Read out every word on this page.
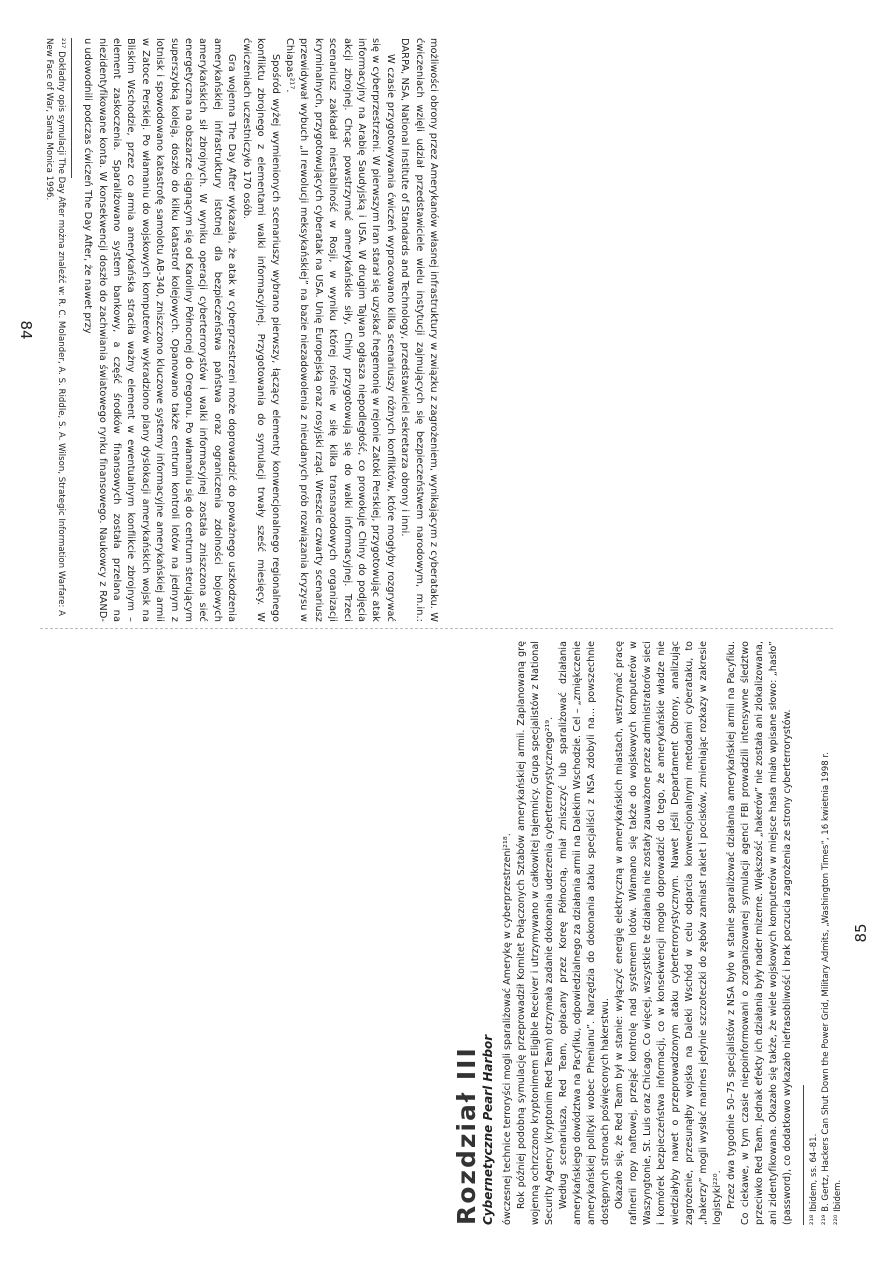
możliwości obrony przez Amerykanów własnej infrastruktury w związku z zagrożeniem, wynikającym z cyberataku. W ćwiczeniach wzięli udział przedstawiciele wielu instytucji zajmujących się bezpieczeństwem narodowym, m.in.: DARPA, NSA, National Institute of Standards and Technology, przedstawiciel sekretarza obrony i inni.

W czasie przygotowywania ćwiczeń wypracowano kilka scenariuszy różnych konfliktów, które mogłyby rozgrywać się w cyberprzestrzeni. W pierwszym Iran starał się uzyskać hegemonię w rejonie Zatoki Perskiej, przygotowując atak informacyjny na Arabię Saudyjską i USA. W drugim Tajwan ogłasza niepodległość, co prowokuje Chiny do podjęcia akcji zbrojnej. Chcąc powstrzymać amerykańskie siły, Chiny przygotowują się do walki informacyjnej. Trzeci scenariusz zakładał niestabilność w Rosji, w wyniku której rośnie w siłę kilka transnarodowych organizacji kryminalnych, przygotowujących cyberatak na USA. Unię Europejską oraz rosyjski rząd. Wreszcie czwarty scenariusz przewidywał wybuch „II rewolucji meksykańskiej” na bazie niezadowolenia z nieudanych prób rozwiązania kryzysu w Chiapas²¹⁷.

Spośród wyżej wymienionych scenariuszy wybrano pierwszy, łączący elementy konwencjonalnego regionalnego konfliktu zbrojnego z elementami walki informacyjnej. Przygotowania do symulacji trwały sześć miesięcy. W ćwiczeniach uczestniczyło 170 osób.

Gra wojenna The Day After wykazała, że atak w cyberprzestrzeni może doprowadzić do poważnego uszkodzenia amerykańskiej infrastruktury istotnej dla bezpieczeństwa państwa oraz ograniczenia zdolności bojowych amerykańskich sił zbrojnych. W wyniku operacji cyberterrorystów i walki informacyjnej została zniszczona sieć energetyczna na obszarze ciągnącym się od Karoliny Północnej do Oregonu. Po włamaniu się do centrum sterującym superszybką koleją, doszło do kilku katastrof kolejowych. Opanowano także centrum kontroli lotów na jednym z lotnisk i spowodowano katastrofę samolotu AB-340, zniszczono kluczowe systemy informacyjne amerykańskiej armii w Zatoce Perskiej. Po włamaniu do wojskowych komputerów wykradziono plany dyslokacji amerykańskich wojsk na Bliskim Wschodzie, przez co armia amerykańska straciła ważny element w ewentualnym konflikcie zbrojnym – element zaskoczenia. Sparaliżowano system bankowy, a część środków finansowych została przelana na niezidentyfikowane konta. W konsekwencji doszło do zachwiania światowego rynku finansowego. Naukowcy z RAND-u udowodnili podczas ćwiczeń The Day After, że nawet przy

²¹⁷ Dokładny opis symulacji The Day After można znaleźć w: R. C. Molander, A. S. Riddle, S. A. Wilson, Strategic Information Warfare: A New Face of War, Santa Monica 1996.

84
Rozdział III Cybernetyczne Pearl Harbor ówczesnej technice terroryści mogli sparaliżować Amerykę w cyberprzestrzeni²¹⁸. Rok później podobną symulację przeprowadził Komitet Połączonych Sztabów amerykańskiej armii. Zaplanowaną grę wojenną ochrzczono kryptonimem Eligible Receiver i utrzymywano w całkowitej tajemnicy. Grupa specjalistów z National Security Agency (kryptonim Red Team) otrzymała zadanie dokonania uderzenia cyberterrorystycznego²¹⁹. Według scenariusza, Red Team, opłacany przez Koreę Północną, miał zniszczyć lub sparaliżować działania amerykańskiego dowództwa na Pacyfiku, odpowiedzialnego za działania armii na Dalekim Wschodzie. Cel – „zmiękczenie amerykańskiej polityki wobec Phenianu”. Narzędzia do dokonania ataku specjaliści z NSA zdobyli na... powszechnie dostępnych stronach poświęconych hakerstwu. Okazało się, że Red Team był w stanie: wyłączyć energię elektryczną w amerykańskich miastach, wstrzymać pracę rafinerii ropy naftowej, przejąć kontrolę nad systemem lotów. Włamano się także do wojskowych komputerów w Waszyngtonie, St. Luis oraz Chicago. Co więcej, wszystkie te działania nie zostały zauważone przez administratorów sieci i komórek bezpieczeństwa informacji, co w konsekwencji mogło doprowadzić do tego, że amerykańskie władze nie wiedziałyby nawet o przeprowadzonym ataku cyberterrorystycznym. Nawet jeśli Departament Obrony, analizując zagrożenie, przesunąłby wojska na Daleki Wschód w celu odparcia konwencjonalnymi metodami cyberataku, to „hakerzy” mogli wysłać marines jedynie szczoteczki do zębów zamiast rakiet i pocisków, zmieniając rozkazy w zakresie logistyki²²⁰. Przez dwa tygodnie 50–75 specjalistów z NSA było w stanie sparaliżować działania amerykańskiej armii na Pacyfiku. Co ciekawe, w tym czasie niepoinformowani o zorganizowanej symulacji agenci FBI prowadzili intensywne śledztwo przeciwko Red Team. Jednak efekty ich działania były nader mizerne. Większość „hakerów” nie została ani zlokalizowana, ani zidentyfikowana. Okazało się także, że wiele wojskowych komputerów w miejsce hasła miało wpisane słowo: „hasło” (password), co dodatkowo wykazało niefrasobliwość i brak poczucia zagrożenia ze strony cyberterrorystów. ²¹⁸ Ibidem, ss. 64–81. ²¹⁹ B. Gertz, Hackers Can Shut Down the Power Grid, Military Admits, „Washington Times”, 16 kwietnia 1998 r. ²²⁰ Ibidem.

85
